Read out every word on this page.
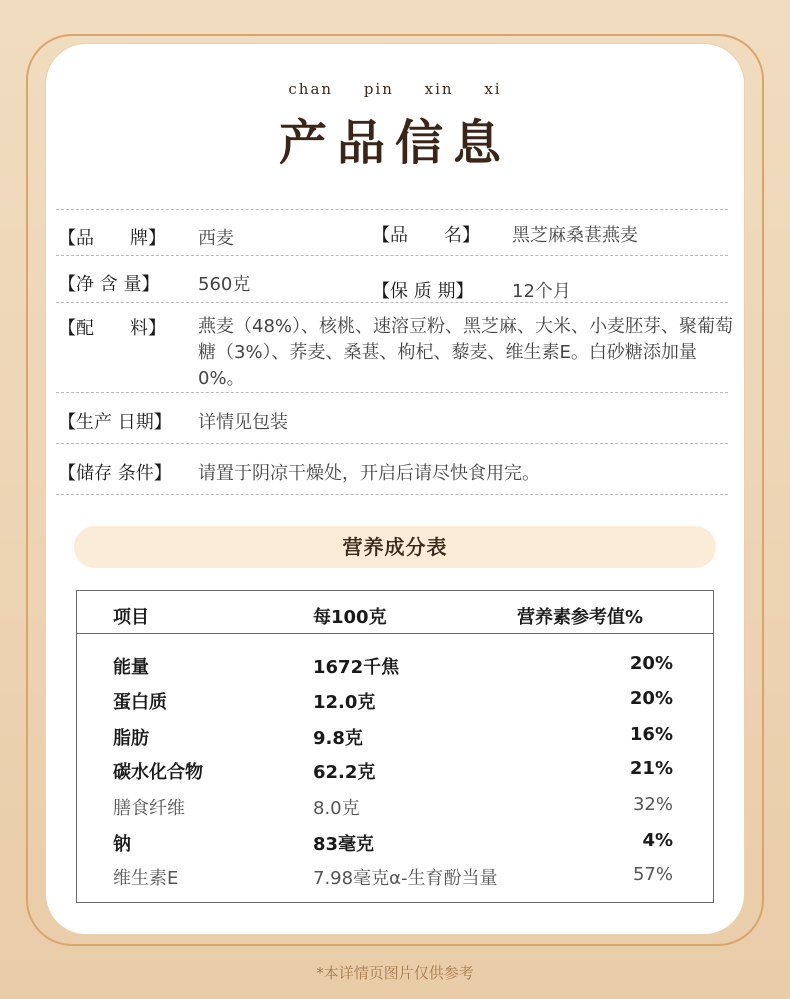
chan pin xin xi
产品信息
【品　　牌】 西麦	【品　　名】 黑芝麻桑葚燕麦
【净 含 量】 560克	【保 质 期】 12个月
【配　　料】 燕麦（48%）、核桃、速溶豆粉、黑芝麻、大米、小麦胚芽、聚葡萄糖（3%）、荞麦、桑葚、枸杞、藜麦、维生素E。白砂糖添加量0%。
【生产 日期】 详情见包装
【储存 条件】 请置于阴凉干燥处，开启后请尽快食用完。
营养成分表
项目	每100克	营养素参考值%
能量	1672千焦	20%
蛋白质	12.0克	20%
脂肪	9.8克	16%
碳水化合物	62.2克	21%
膳食纤维	8.0克	32%
钠	83毫克	4%
维生素E	7.98毫克α-生育酚当量	57%
*本详情页图片仅供参考
